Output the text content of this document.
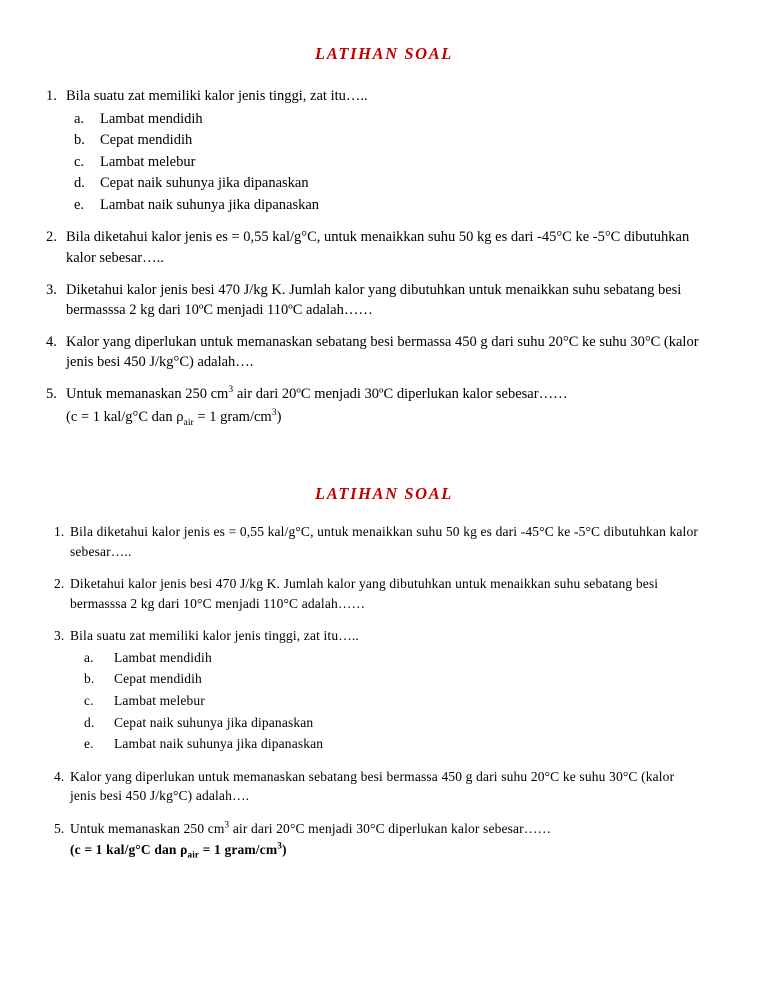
LATIHAN SOAL
1. Bila suatu zat memiliki kalor jenis tinggi, zat itu…..
a.	Lambat mendidih
b.	Cepat mendidih
c.	Lambat melebur
d.	Cepat naik suhunya jika dipanaskan
e.	Lambat naik suhunya jika dipanaskan
2. Bila diketahui kalor jenis es = 0,55 kal/g°C, untuk menaikkan suhu 50 kg es dari -45°C ke -5°C dibutuhkan kalor sebesar…..
3. Diketahui kalor jenis besi 470 J/kg K. Jumlah kalor yang dibutuhkan untuk menaikkan suhu sebatang besi bermasssa 2 kg dari 10ºC menjadi 110ºC adalah……
4. Kalor yang diperlukan untuk memanaskan sebatang besi bermassa 450 g dari suhu 20°C ke suhu 30°C (kalor jenis besi 450 J/kg°C) adalah….
5. Untuk memanaskan 250 $cm^3$ air dari 20ºC menjadi 30ºC diperlukan kalor sebesar……
(c = 1 kal/g°C dan $\rho_{air} = 1$ gram/$cm^3$)
LATIHAN SOAL
1. Bila diketahui kalor jenis es = 0,55 kal/g°C, untuk menaikkan suhu 50 kg es dari -45°C ke -5°C dibutuhkan kalor sebesar…..
2. Diketahui kalor jenis besi 470 J/kg K. Jumlah kalor yang dibutuhkan untuk menaikkan suhu sebatang besi bermasssa 2 kg dari 10°C menjadi 110°C adalah……
3. Bila suatu zat memiliki kalor jenis tinggi, zat itu…..
a.	Lambat mendidih
b.	Cepat mendidih
c.	Lambat melebur
d.	Cepat naik suhunya jika dipanaskan
e.	Lambat naik suhunya jika dipanaskan
4. Kalor yang diperlukan untuk memanaskan sebatang besi bermassa 450 g dari suhu 20°C ke suhu 30°C (kalor jenis besi 450 J/kg°C) adalah….
5. Untuk memanaskan 250 $cm^3$ air dari 20°C menjadi 30°C diperlukan kalor sebesar……
(c = 1 kal/g°C dan $\rho_{air} = 1$ gram/$cm^3$)
